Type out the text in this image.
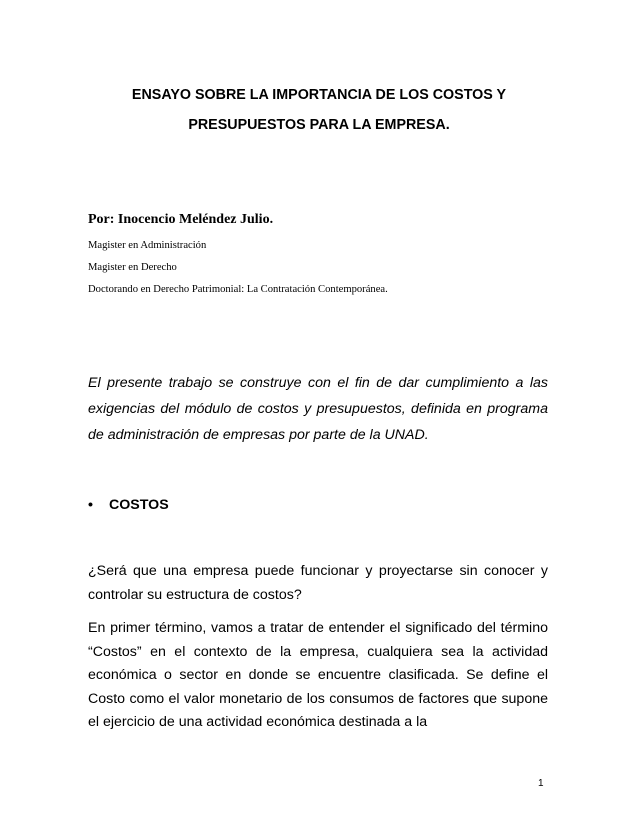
ENSAYO SOBRE LA IMPORTANCIA DE LOS COSTOS Y

PRESUPUESTOS PARA LA EMPRESA.

Por: Inocencio Meléndez Julio.

Magister en Administración

Magister en Derecho

Doctorando en Derecho Patrimonial: La Contratación Contemporánea.

El presente trabajo se construye con el fin de dar cumplimiento a las exigencias del módulo de costos y presupuestos, definida en programa de administración de empresas por parte de la UNAD.

• COSTOS

¿Será que una empresa puede funcionar y proyectarse sin conocer y controlar su estructura de costos?

En primer término, vamos a tratar de entender el significado del término “Costos” en el contexto de la empresa, cualquiera sea la actividad económica o sector en donde se encuentre clasificada. Se define el Costo como el valor monetario de los consumos de factores que supone el ejercicio de una actividad económica destinada a la

1
